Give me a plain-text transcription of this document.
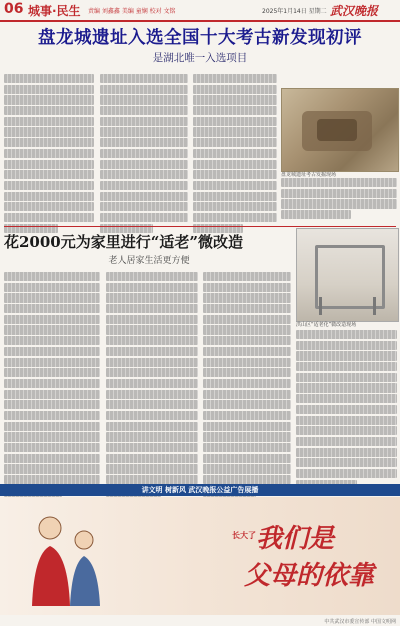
06 城事·民生 责编 刘鑫鑫 美编 童娴 校对 文铭	2025年1月14日 星期二 武汉晚报
盘龙城遗址入选全国十大考古新发现初评
是湖北唯一入选项目
盘龙城遗址考古发掘现场
花2000元为家里进行“适老”微改造
老人居家生活更方便
洪山区“适老化”微改造现场
讲文明 树新风 武汉晚报公益广告展播
长大了 我们是
父母的依靠
中共武汉市委宣传部 中国文明网
